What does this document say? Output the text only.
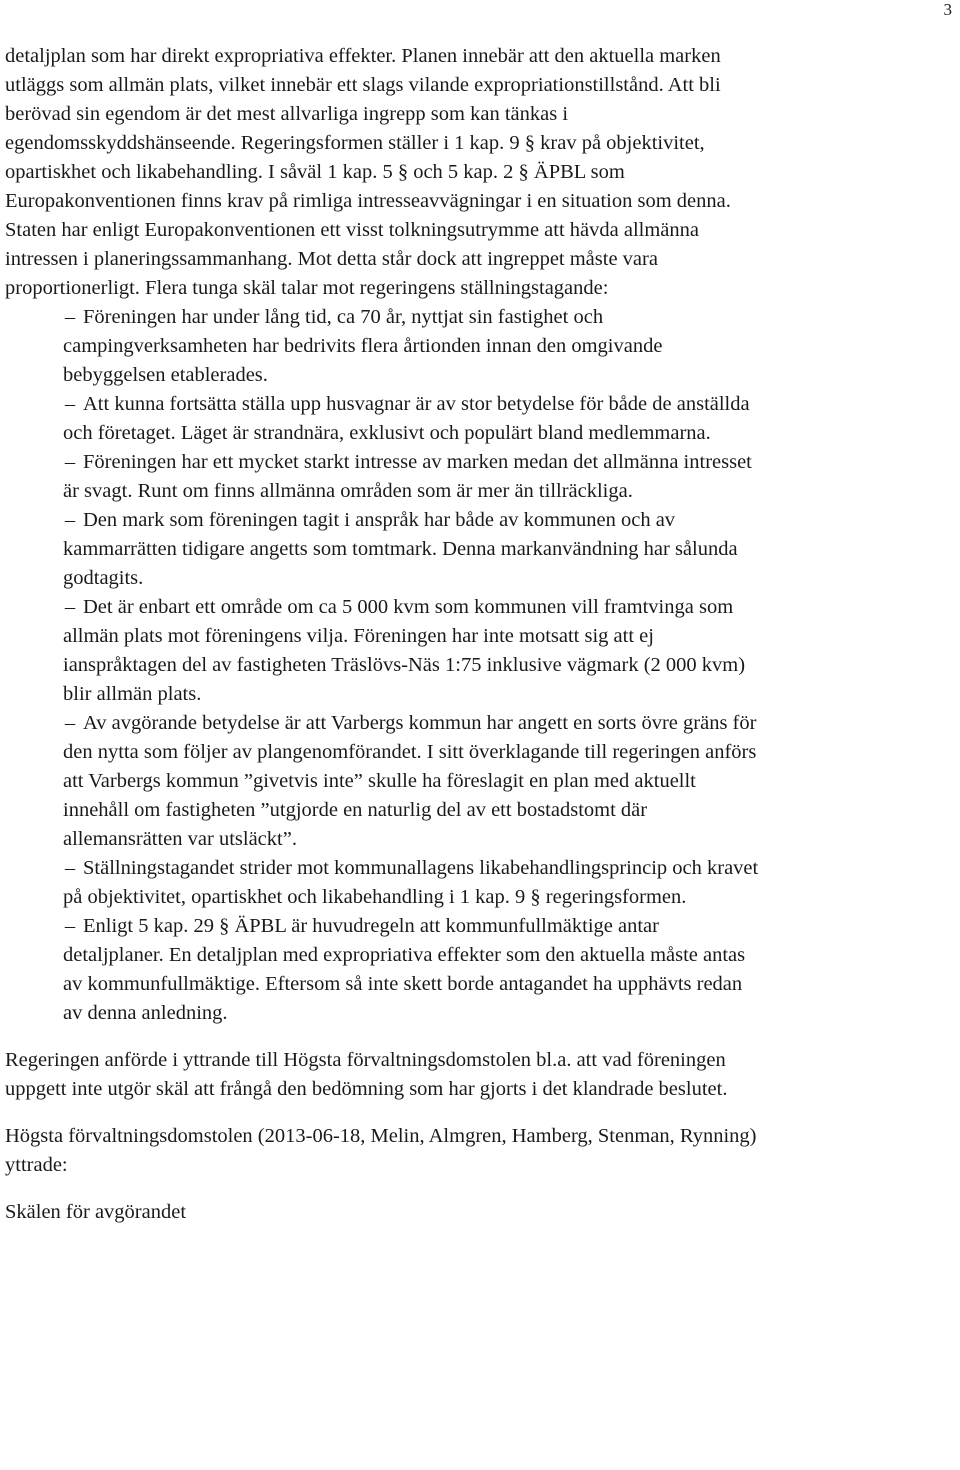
3

detaljplan som har direkt expropriativa effekter. Planen innebär att den aktuella marken utläggs som allmän plats, vilket innebär ett slags vilande expropriationstillstånd. Att bli berövad sin egendom är det mest allvarliga ingrepp som kan tänkas i egendomsskyddshänseende. Regeringsformen ställer i 1 kap. 9 § krav på objektivitet, opartiskhet och likabehandling. I såväl 1 kap. 5 § och 5 kap. 2 § ÄPBL som Europakonventionen finns krav på rimliga intresseavvägningar i en situation som denna. Staten har enligt Europakonventionen ett visst tolkningsutrymme att hävda allmänna intressen i planeringssammanhang. Mot detta står dock att ingreppet måste vara proportionerligt. Flera tunga skäl talar mot regeringens ställningstagande:

– Föreningen har under lång tid, ca 70 år, nyttjat sin fastighet och campingverksamheten har bedrivits flera årtionden innan den omgivande bebyggelsen etablerades.
– Att kunna fortsätta ställa upp husvagnar är av stor betydelse för både de anställda och företaget. Läget är strandnära, exklusivt och populärt bland medlemmarna.
– Föreningen har ett mycket starkt intresse av marken medan det allmänna intresset är svagt. Runt om finns allmänna områden som är mer än tillräckliga.
– Den mark som föreningen tagit i anspråk har både av kommunen och av kammarrätten tidigare angetts som tomtmark. Denna markanvändning har sålunda godtagits.
– Det är enbart ett område om ca 5 000 kvm som kommunen vill framtvinga som allmän plats mot föreningens vilja. Föreningen har inte motsatt sig att ej ianspråktagen del av fastigheten Träslövs-Näs 1:75 inklusive vägmark (2 000 kvm) blir allmän plats.
– Av avgörande betydelse är att Varbergs kommun har angett en sorts övre gräns för den nytta som följer av plangenomförandet. I sitt överklagande till regeringen anförs att Varbergs kommun ”givetvis inte” skulle ha föreslagit en plan med aktuellt innehåll om fastigheten ”utgjorde en naturlig del av ett bostadstomt där allemansrätten var utsläckt”.
– Ställningstagandet strider mot kommunallagens likabehandlingsprincip och kravet på objektivitet, opartiskhet och likabehandling i 1 kap. 9 § regeringsformen.
– Enligt 5 kap. 29 § ÄPBL är huvudregeln att kommunfullmäktige antar detaljplaner. En detaljplan med expropriativa effekter som den aktuella måste antas av kommunfullmäktige. Eftersom så inte skett borde antagandet ha upphävts redan av denna anledning.

Regeringen anförde i yttrande till Högsta förvaltningsdomstolen bl.a. att vad föreningen uppgett inte utgör skäl att frångå den bedömning som har gjorts i det klandrade beslutet.

Högsta förvaltningsdomstolen (2013-06-18, Melin, Almgren, Hamberg, Stenman, Rynning) yttrade:

Skälen för avgörandet
